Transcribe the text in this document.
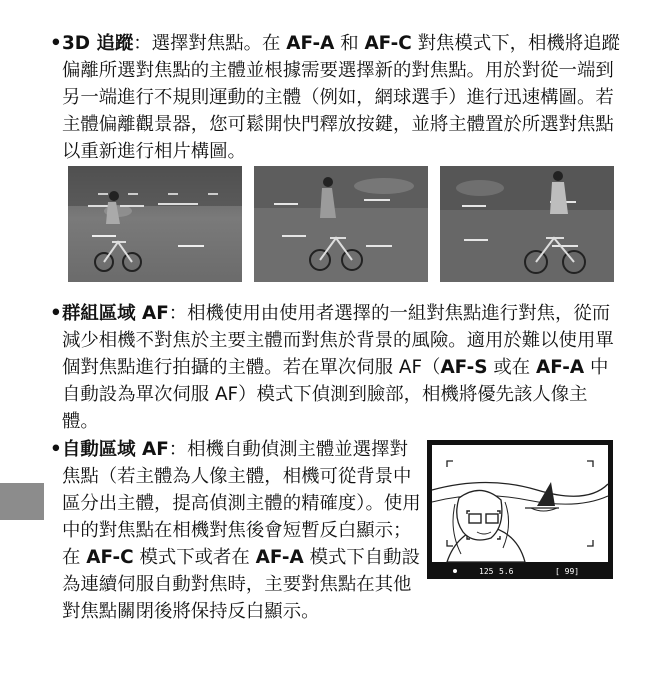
• 3D 追蹤：選擇對焦點。在 AF-A 和 AF-C 對焦模式下，相機將追蹤偏離所選對焦點的主體並根據需要選擇新的對焦點。用於對從一端到另一端進行不規則運動的主體（例如，網球選手）進行迅速構圖。若主體偏離觀景器，您可鬆開快門釋放按鍵，並將主體置於所選對焦點以重新進行相片構圖。
• 群組區域 AF：相機使用由使用者選擇的一組對焦點進行對焦，從而減少相機不對焦於主要主體而對焦於背景的風險。適用於難以使用單個對焦點進行拍攝的主體。若在單次伺服 AF（AF-S 或在 AF-A 中自動設為單次伺服 AF）模式下偵測到臉部，相機將優先該人像主體。
125 5.6	[ 99]
• 自動區域 AF：相機自動偵測主體並選擇對焦點（若主體為人像主體，相機可從背景中區分出主體，提高偵測主體的精確度）。使用中的對焦點在相機對焦後會短暫反白顯示；在 AF-C 模式下或者在 AF-A 模式下自動設為連續伺服自動對焦時，主要對焦點在其他對焦點關閉後將保持反白顯示。
